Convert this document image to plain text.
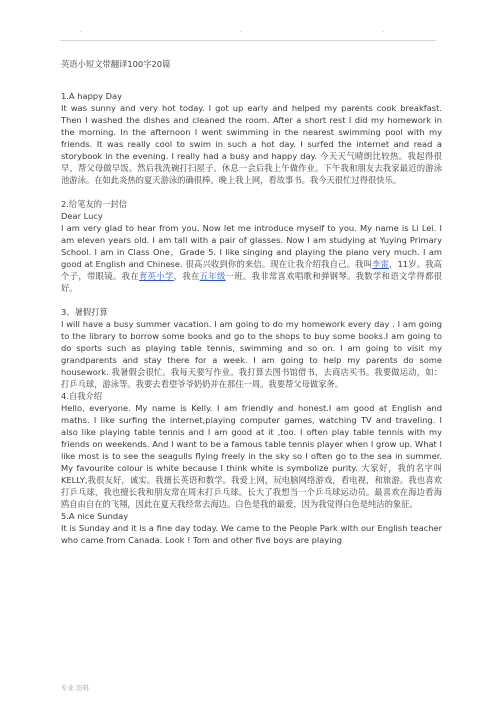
.	.	.

英语小短文带翻译100字20篇

1.A happy Day

It was sunny and very hot today. I got up early and helped my parents cook breakfast. Then I washed the dishes and cleaned the room. After a short rest I did my homework in the morning. In the afternoon I went swimming in the nearest swimming pool with my friends. It was really cool to swim in such a hot day. I surfed the internet and read a storybook in the evening. I really had a busy and happy day. 今天天气晴朗比较热。我起得很早，帮父母做早饭。然后我洗碗打扫屋子。休息一会后我上午做作业。下午我和朋友去我家最近的游泳池游泳。在如此炎热的夏天游泳的确很棒。晚上我上网，看故事书。我今天很忙过得很快乐。

2.给笔友的一封信

Dear Lucy

I am very glad to hear from you. Now let me introduce myself to you. My name is Li Lei. I am eleven years old. I am tall with a pair of glasses. Now I am studying at Yuying Primary School. I am in Class One，Grade 5. I like singing and playing the piano very much. I am good at English and Chinese. 很高兴收到你的来信。现在让我介绍我自己。我叫李雷，11岁。我高个子，带眼镜。我在育英小学，我在五年级一班。我非常喜欢唱歌和弹钢琴。我数学和语文学得都很好。

3、暑假打算

I will have a busy summer vacation. I am going to do my homework every day . I am going to the library to borrow some books and go to the shops to buy some books.I am going to do sports such as playing table tennis, swimming and so on. I am going to visit my grandparents and stay there for a week. I am going to help my parents do some housework. 我暑假会很忙。我每天要写作业。我打算去图书馆借书，去商店买书。我要做运动，如：打乒乓球，游泳等。我要去看望爷爷奶奶并在那住一周。我要帮父母做家务。

4.自我介绍

Hello, everyone. My name is Kelly. I am friendly and honest.I am good at English and maths. I like surfing the internet,playing computer games, watching TV and traveling. I also like playing table tennis and I am good at it ,too. I often play table tennis with my friends on weekends. And I want to be a famous table tennis player when I grow up. What I like most is to see the seagulls flying freely in the sky so I often go to the sea in summer. My favourite colour is white because I think white is symbolize purity. 大家好，我的名字叫KELLY,我很友好，诚实。我擅长英语和数学。我爱上网，玩电脑网络游戏，看电视，和旅游。我也喜欢打乒乓球，我也擅长我和朋友常在周末打乒乓球。长大了我想当一个乒乓球运动员。最喜欢在海边看海鸥自由自在的飞翔，因此在夏天我经常去海边。白色是我的最爱，因为我觉得白色是纯洁的象征。

5.A nice Sunday

It is Sunday and it is a fine day today. We came to the People Park with our English teacher who came from Canada. Look ! Tom and other five boys are playing

专业.资料
